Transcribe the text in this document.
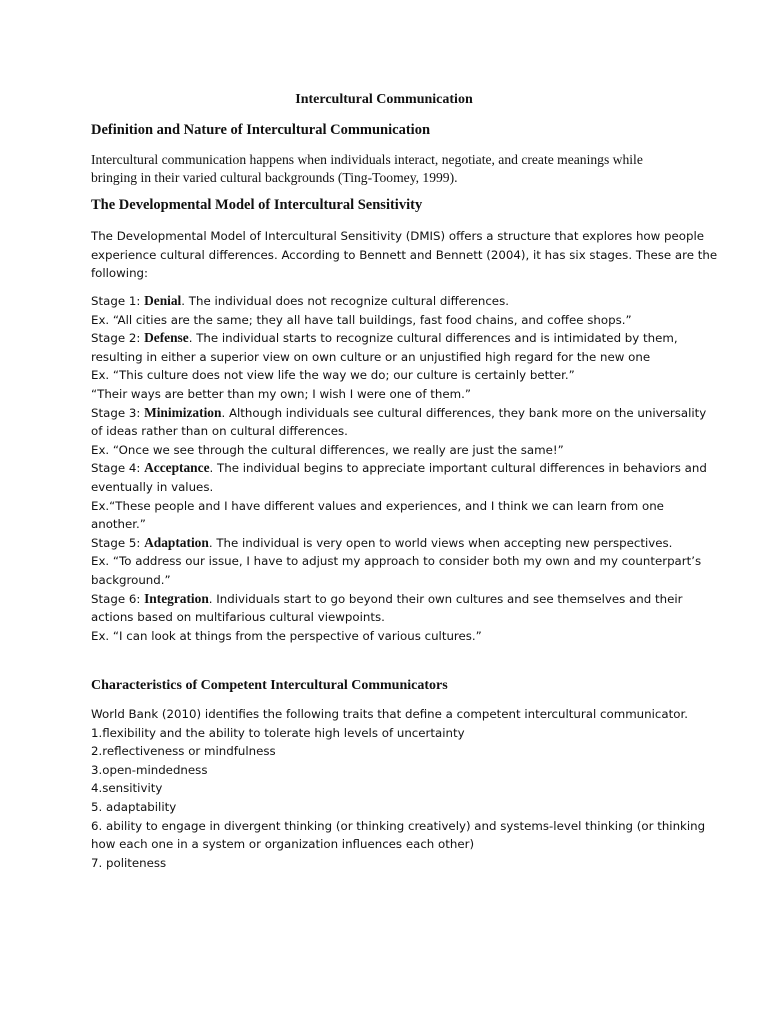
Intercultural Communication
Definition and Nature of Intercultural Communication
Intercultural communication happens when individuals interact, negotiate, and create meanings while
bringing in their varied cultural backgrounds (Ting-Toomey, 1999).
The Developmental Model of Intercultural Sensitivity
The Developmental Model of Intercultural Sensitivity (DMIS) offers a structure that explores how people
experience cultural differences. According to Bennett and Bennett (2004), it has six stages. These are the
following:
Stage 1: Denial. The individual does not recognize cultural differences.
Ex. “All cities are the same; they all have tall buildings, fast food chains, and coffee shops.”
Stage 2: Defense. The individual starts to recognize cultural differences and is intimidated by them,
resulting in either a superior view on own culture or an unjustified high regard for the new one
Ex. “This culture does not view life the way we do; our culture is certainly better.”
“Their ways are better than my own; I wish I were one of them.”
Stage 3: Minimization. Although individuals see cultural differences, they bank more on the universality
of ideas rather than on cultural differences.
Ex. “Once we see through the cultural differences, we really are just the same!”
Stage 4: Acceptance. The individual begins to appreciate important cultural differences in behaviors and
eventually in values.
Ex.“These people and I have different values and experiences, and I think we can learn from one
another.”
Stage 5: Adaptation. The individual is very open to world views when accepting new perspectives.
Ex. “To address our issue, I have to adjust my approach to consider both my own and my counterpart’s
background.”
Stage 6: Integration. Individuals start to go beyond their own cultures and see themselves and their
actions based on multifarious cultural viewpoints.
Ex. “I can look at things from the perspective of various cultures.”
Characteristics of Competent Intercultural Communicators
World Bank (2010) identifies the following traits that define a competent intercultural communicator.
1.flexibility and the ability to tolerate high levels of uncertainty
2.reflectiveness or mindfulness
3.open-mindedness
4.sensitivity
5. adaptability
6. ability to engage in divergent thinking (or thinking creatively) and systems-level thinking (or thinking
how each one in a system or organization influences each other)
7. politeness
